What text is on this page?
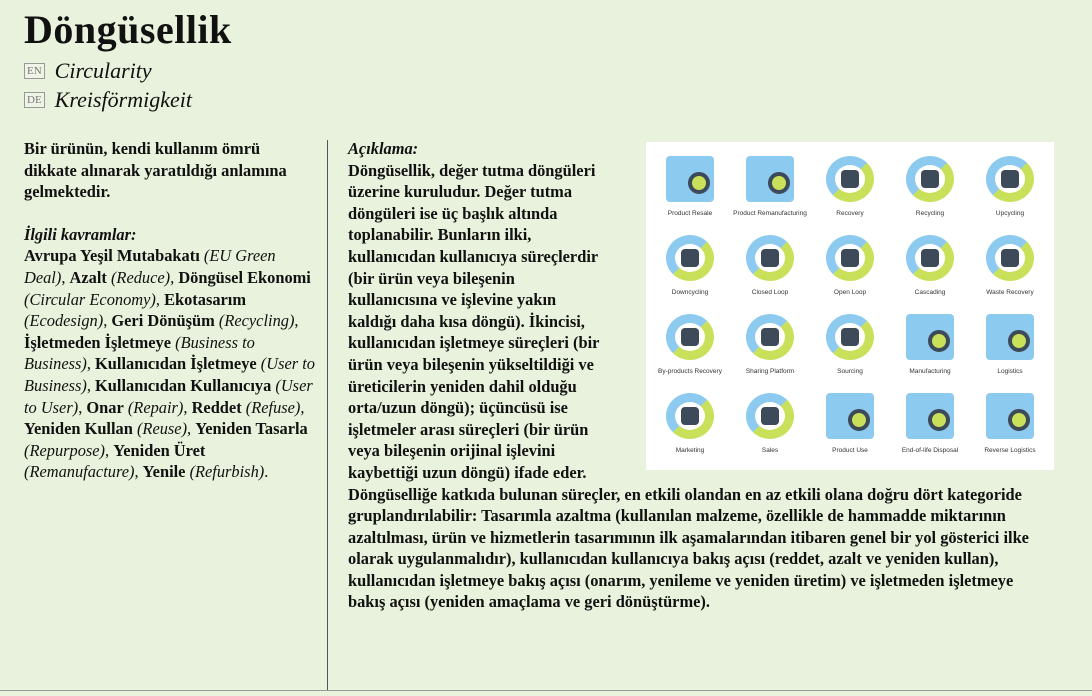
Döngüsellik
EN Circularity
DE Kreisförmigkeit

Bir ürünün, kendi kullanım ömrü dikkate alınarak yaratıldığı anlamına gelmektedir.

İlgili kavramlar:

Avrupa Yeşil Mutabakatı (EU Green Deal), Azalt (Reduce), Döngüsel Ekonomi (Circular Economy), Ekotasarım (Ecodesign), Geri Dönüşüm (Recycling), İşletmeden İşletmeye (Business to Business), Kullanıcıdan İşletmeye (User to Business), Kullanıcıdan Kullanıcıya (User to User), Onar (Repair), Reddet (Refuse), Yeniden Kullan (Reuse), Yeniden Tasarla (Repurpose), Yeniden Üret (Remanufacture), Yenile (Refurbish).

Product Resale	Product Remanufacturing	Recovery	Recycling	Upcycling
Downcycling	Closed Loop	Open Loop	Cascading	Waste Recovery
By-products Recovery	Sharing Platform	Sourcing	Manufacturing	Logistics
Marketing	Sales	Product Use	End-of-life Disposal	Reverse Logistics
Açıklama:
Döngüsellik, değer tutma döngüleri üzerine kuruludur. Değer tutma döngüleri ise üç başlık altında toplanabilir. Bunların ilki, kullanıcıdan kullanıcıya süreçlerdir (bir ürün veya bileşenin kullanıcısına ve işlevine yakın kaldığı daha kısa döngü). İkincisi, kullanıcıdan işletmeye süreçleri (bir ürün veya bileşenin yükseltildiği ve üreticilerin yeniden dahil olduğu orta/uzun döngü); üçüncüsü ise işletmeler arası süreçleri (bir ürün veya bileşenin orijinal işlevini kaybettiği uzun döngü) ifade eder. Döngüselliğe katkıda bulunan süreçler, en etkili olandan en az etkili olana doğru dört kategoride gruplandırılabilir: Tasarımla azaltma (kullanılan malzeme, özellikle de hammadde miktarının azaltılması, ürün ve hizmetlerin tasarımının ilk aşamalarından itibaren genel bir yol gösterici ilke olarak uygulanmalıdır), kullanıcıdan kullanıcıya bakış açısı (reddet, azalt ve yeniden kullan), kullanıcıdan işletmeye bakış açısı (onarım, yenileme ve yeniden üretim) ve işletmeden işletmeye bakış açısı (yeniden amaçlama ve geri dönüştürme).
